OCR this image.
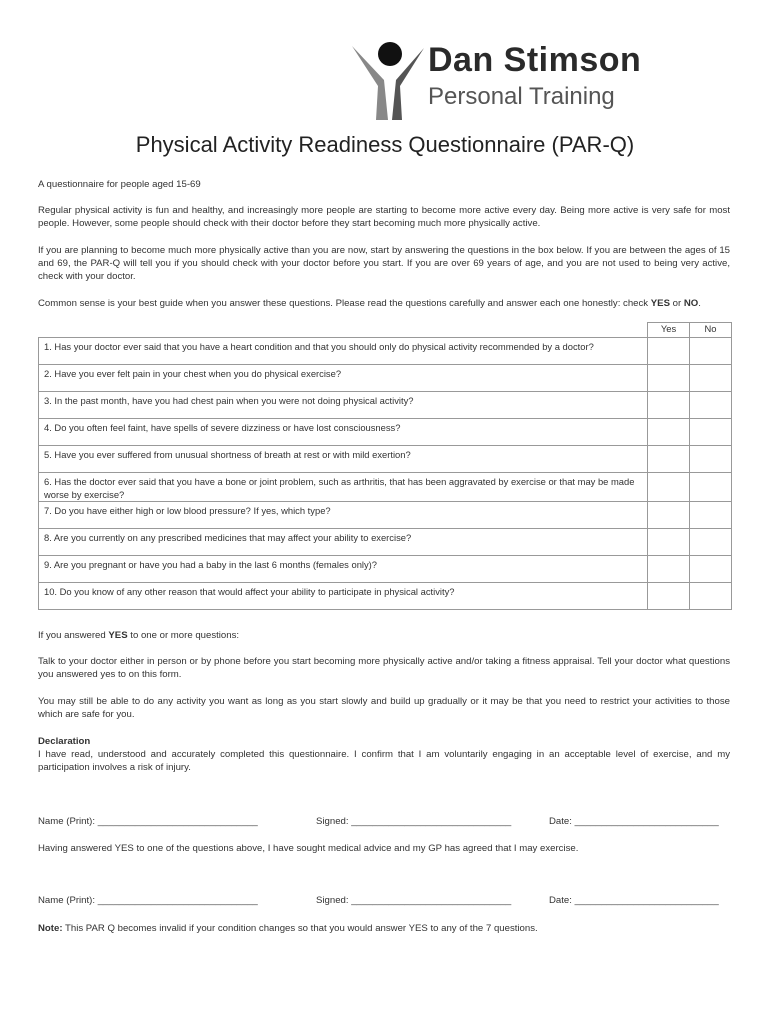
Dan Stimson
Personal Training
Physical Activity Readiness Questionnaire (PAR-Q)
A questionnaire for people aged 15-69
Regular physical activity is fun and healthy, and increasingly more people are starting to become more active every day. Being more active is very safe for most people. However, some people should check with their doctor before they start becoming much more physically active.
If you are planning to become much more physically active than you are now, start by answering the questions in the box below. If you are between the ages of 15 and 69, the PAR-Q will tell you if you should check with your doctor before you start. If you are over 69 years of age, and you are not used to being very active, check with your doctor.
Common sense is your best guide when you answer these questions. Please read the questions carefully and answer each one honestly: check YES or NO.
	Yes	No
1. Has your doctor ever said that you have a heart condition and that you should only do physical activity recommended by a doctor?		
2. Have you ever felt pain in your chest when you do physical exercise?		
3. In the past month, have you had chest pain when you were not doing physical activity?		
4. Do you often feel faint, have spells of severe dizziness or have lost consciousness?		
5. Have you ever suffered from unusual shortness of breath at rest or with mild exertion?		
6. Has the doctor ever said that you have a bone or joint problem, such as arthritis, that has been aggravated by exercise or that may be made worse by exercise?		
7. Do you have either high or low blood pressure? If yes, which type?		
8. Are you currently on any prescribed medicines that may affect your ability to exercise?		
9. Are you pregnant or have you had a baby in the last 6 months (females only)?		
10. Do you know of any other reason that would affect your ability to participate in physical activity?		
If you answered YES to one or more questions:
Talk to your doctor either in person or by phone before you start becoming more physically active and/or taking a fitness appraisal. Tell your doctor what questions you answered yes to on this form.
You may still be able to do any activity you want as long as you start slowly and build up gradually or it may be that you need to restrict your activities to those which are safe for you.
Declaration
I have read, understood and accurately completed this questionnaire. I confirm that I am voluntarily engaging in an acceptable level of exercise, and my participation involves a risk of injury.
Name (Print): ______________________________	Signed: ______________________________	Date: ___________________________
Having answered YES to one of the questions above, I have sought medical advice and my GP has agreed that I may exercise.
Name (Print): ______________________________	Signed: ______________________________	Date: ___________________________
Note: This PAR Q becomes invalid if your condition changes so that you would answer YES to any of the 7 questions.
